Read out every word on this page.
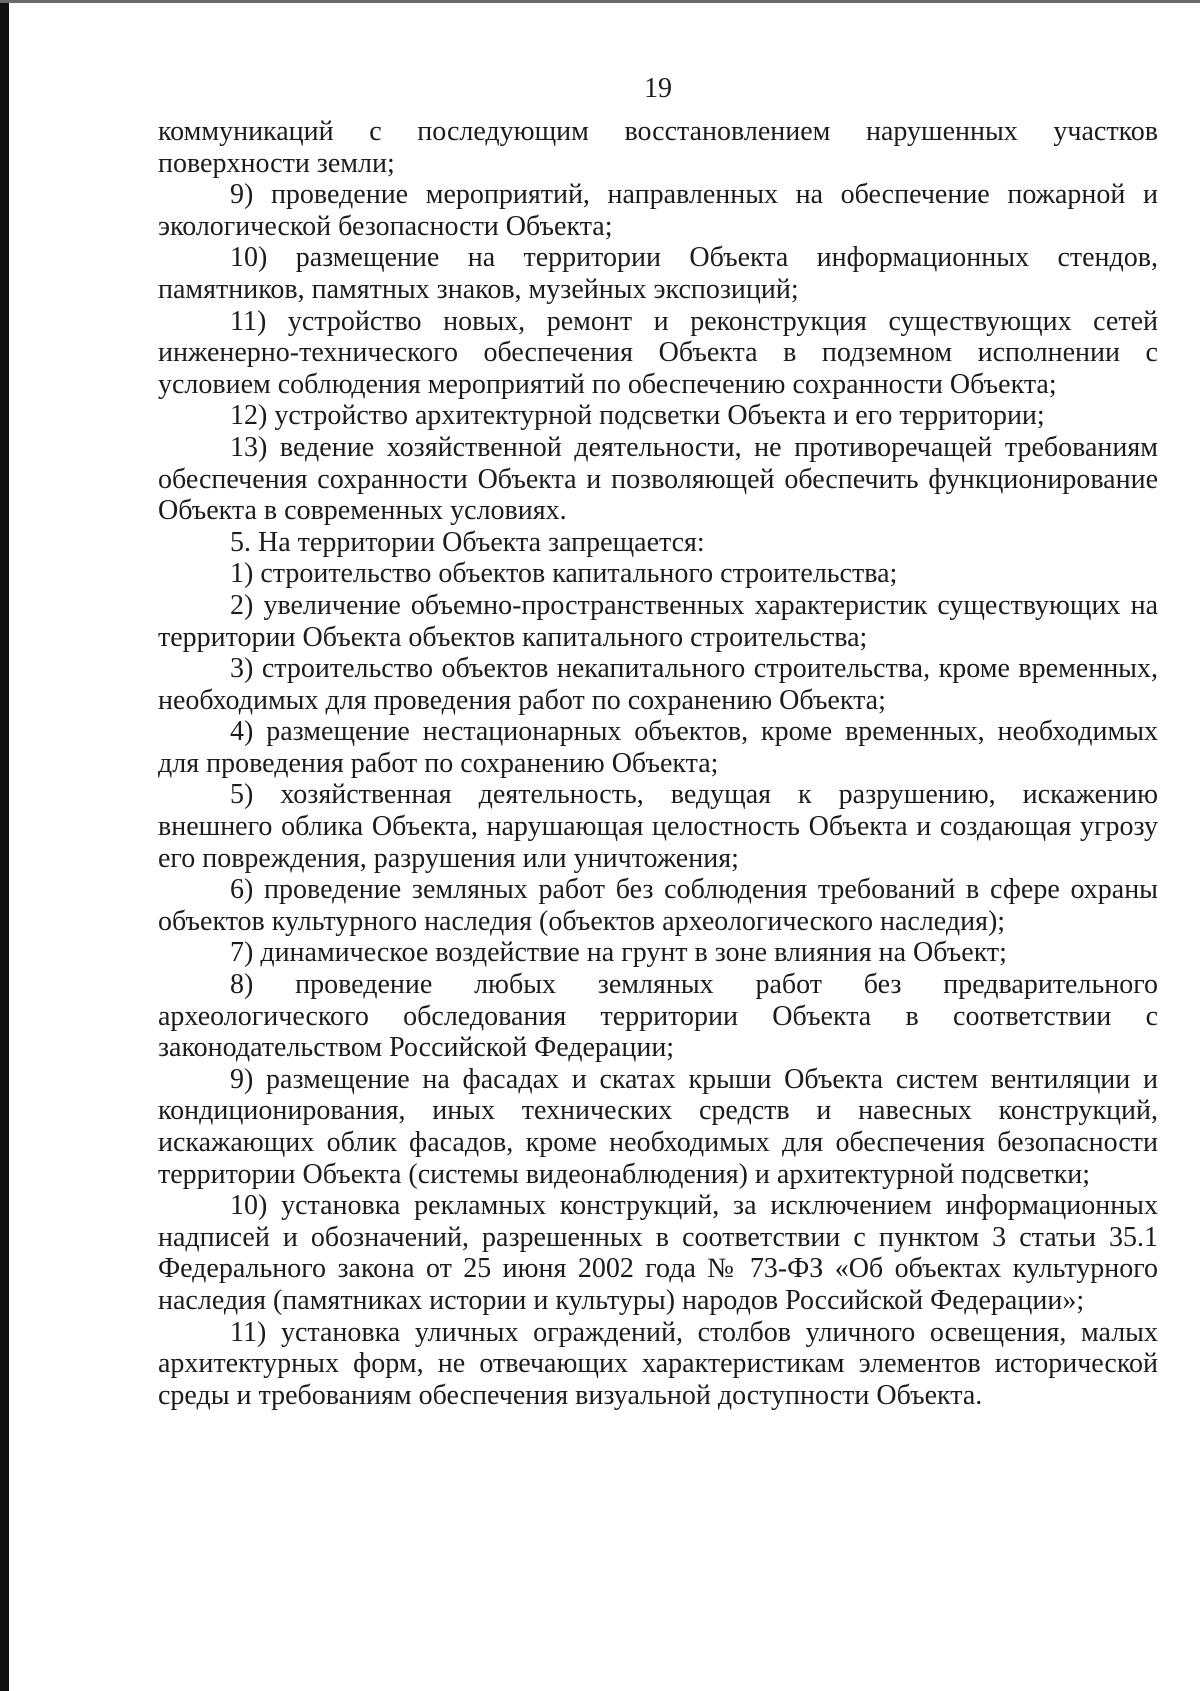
19

коммуникаций с последующим восстановлением нарушенных участков поверхности земли;

9) проведение мероприятий, направленных на обеспечение пожарной и экологической безопасности Объекта;

10) размещение на территории Объекта информационных стендов, памятников, памятных знаков, музейных экспозиций;

11) устройство новых, ремонт и реконструкция существующих сетей инженерно-технического обеспечения Объекта в подземном исполнении с условием соблюдения мероприятий по обеспечению сохранности Объекта;

12) устройство архитектурной подсветки Объекта и его территории;

13) ведение хозяйственной деятельности, не противоречащей требованиям обеспечения сохранности Объекта и позволяющей обеспечить функционирование Объекта в современных условиях.

5. На территории Объекта запрещается:

1) строительство объектов капитального строительства;

2) увеличение объемно-пространственных характеристик существующих на территории Объекта объектов капитального строительства;

3) строительство объектов некапитального строительства, кроме временных, необходимых для проведения работ по сохранению Объекта;

4) размещение нестационарных объектов, кроме временных, необходимых для проведения работ по сохранению Объекта;

5) хозяйственная деятельность, ведущая к разрушению, искажению внешнего облика Объекта, нарушающая целостность Объекта и создающая угрозу его повреждения, разрушения или уничтожения;

6) проведение земляных работ без соблюдения требований в сфере охраны объектов культурного наследия (объектов археологического наследия);

7) динамическое воздействие на грунт в зоне влияния на Объект;

8) проведение любых земляных работ без предварительного археологического обследования территории Объекта в соответствии с законодательством Российской Федерации;

9) размещение на фасадах и скатах крыши Объекта систем вентиляции и кондиционирования, иных технических средств и навесных конструкций, искажающих облик фасадов, кроме необходимых для обеспечения безопасности территории Объекта (системы видеонаблюдения) и архитектурной подсветки;

10) установка рекламных конструкций, за исключением информационных надписей и обозначений, разрешенных в соответствии с пунктом 3 статьи 35.1 Федерального закона от 25 июня 2002 года № 73-ФЗ «Об объектах культурного наследия (памятниках истории и культуры) народов Российской Федерации»;

11) установка уличных ограждений, столбов уличного освещения, малых архитектурных форм, не отвечающих характеристикам элементов исторической среды и требованиям обеспечения визуальной доступности Объекта.
